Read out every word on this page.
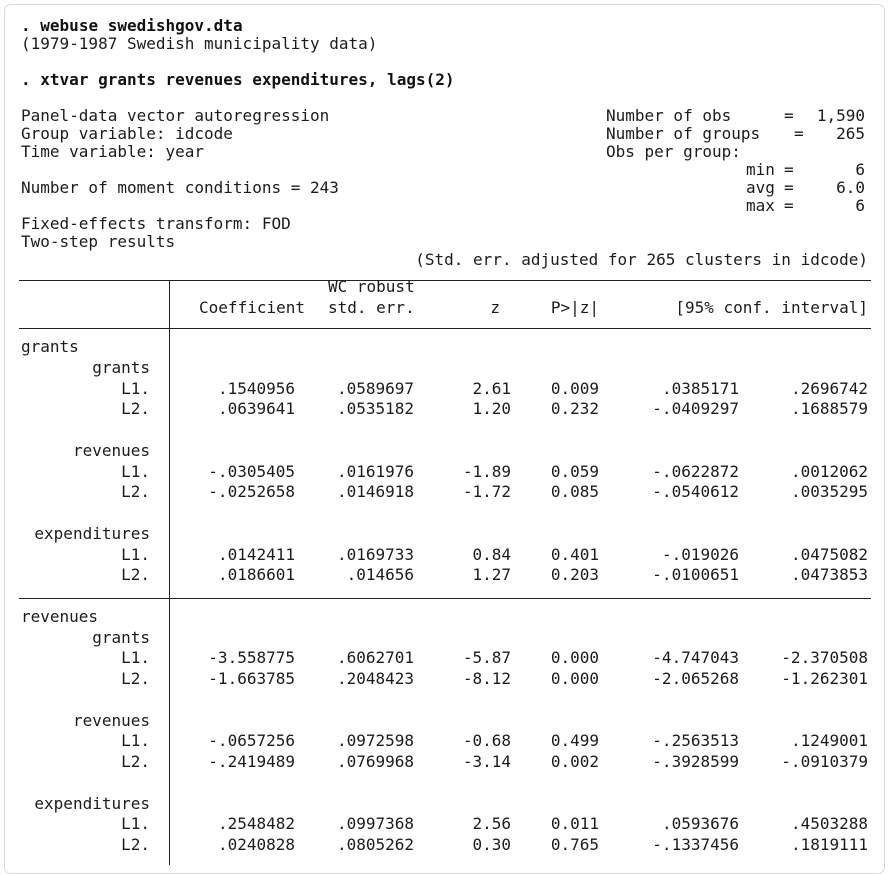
. webuse swedishgov.dta
(1979-1987 Swedish municipality data)
. xtvar grants revenues expenditures, lags(2)
Panel-data vector autoregression
Group variable: idcode
Time variable: year
Number of moment conditions = 243
Fixed-effects transform: FOD
Two-step results
Number of obs	= 1,590
Number of groups = 265
Obs per group:
min =	6
avg =	6.0
max =	6
(Std. err. adjusted for 265 clusters in idcode)
WC robust
Coefficient std. err.	z	P>|z|	[95% conf. interval]
grants
grants
L1.	.1540956	.0589697	2.61 0.009	.0385171	.2696742
L2.	.0639641	.0535182	1.20 0.232	-.0409297	.1688579
revenues
L1.	-.0305405	.0161976	-1.89 0.059	-.0622872	.0012062
L2.	-.0252658	.0146918	-1.72 0.085	-.0540612	.0035295
expenditures
L1.	.0142411	.0169733	0.84 0.401	-.019026	.0475082
L2.	.0186601	.014656	1.27 0.203	-.0100651	.0473853
revenues
grants
L1.	-3.558775	.6062701	-5.87 0.000	-4.747043	-2.370508
L2.	-1.663785	.2048423	-8.12 0.000	-2.065268	-1.262301
revenues
L1.	-.0657256	.0972598	-0.68 0.499	-.2563513	.1249001
L2.	-.2419489	.0769968	-3.14 0.002	-.3928599	-.0910379
expenditures
L1.	.2548482	.0997368	2.56 0.011	.0593676	.4503288
L2.	.0240828	.0805262	0.30 0.765	-.1337456	.1819111
